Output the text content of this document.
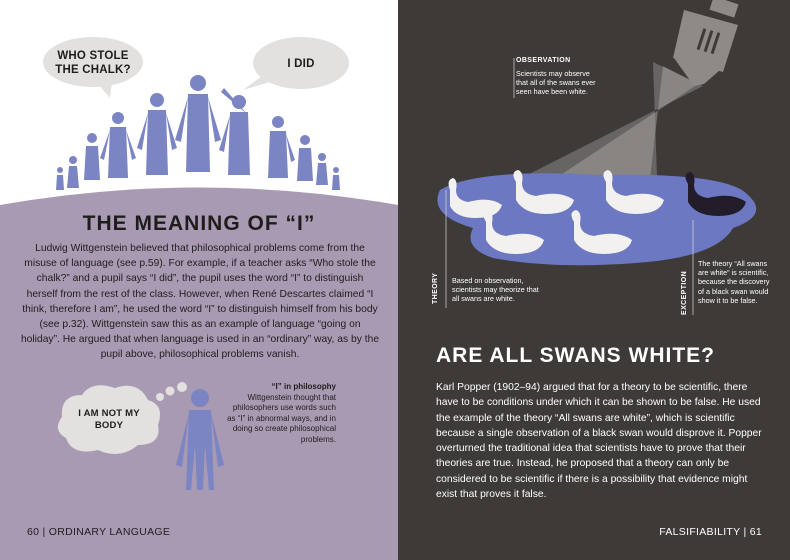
WHO STOLE THE CHALK?
I DID
THE MEANING OF “I”
Ludwig Wittgenstein believed that philosophical problems come from the misuse of language (see p.59). For example, if a teacher asks “Who stole the chalk?” and a pupil says “I did”, the pupil uses the word “I” to distinguish herself from the rest of the class. However, when René Descartes claimed “I think, therefore I am”, he used the word “I” to distinguish himself from his body (see p.32). Wittgenstein saw this as an example of language “going on holiday”. He argued that when language is used in an “ordinary” way, as by the pupil above, philosophical problems vanish.
I AM NOT MY BODY
“I” in philosophy
Wittgenstein thought that philosophers use words such as “I” in abnormal ways, and in doing so create philosophical problems.
60 | ORDINARY LANGUAGE
OBSERVATION
Scientists may observe that all of the swans ever seen have been white.
THEORY Based on observation, scientists may theorize that all swans are white.	EXCEPTION
The theory “All swans are white” is scientific, because the discovery of a black swan would show it to be false.
ARE ALL SWANS WHITE?
Karl Popper (1902–94) argued that for a theory to be scientific, there have to be conditions under which it can be shown to be false. He used the example of the theory “All swans are white”, which is scientific because a single observation of a black swan would disprove it. Popper overturned the traditional idea that scientists have to prove that their theories are true. Instead, he proposed that a theory can only be considered to be scientific if there is a possibility that evidence might exist that proves it false.
FALSIFIABILITY | 61
